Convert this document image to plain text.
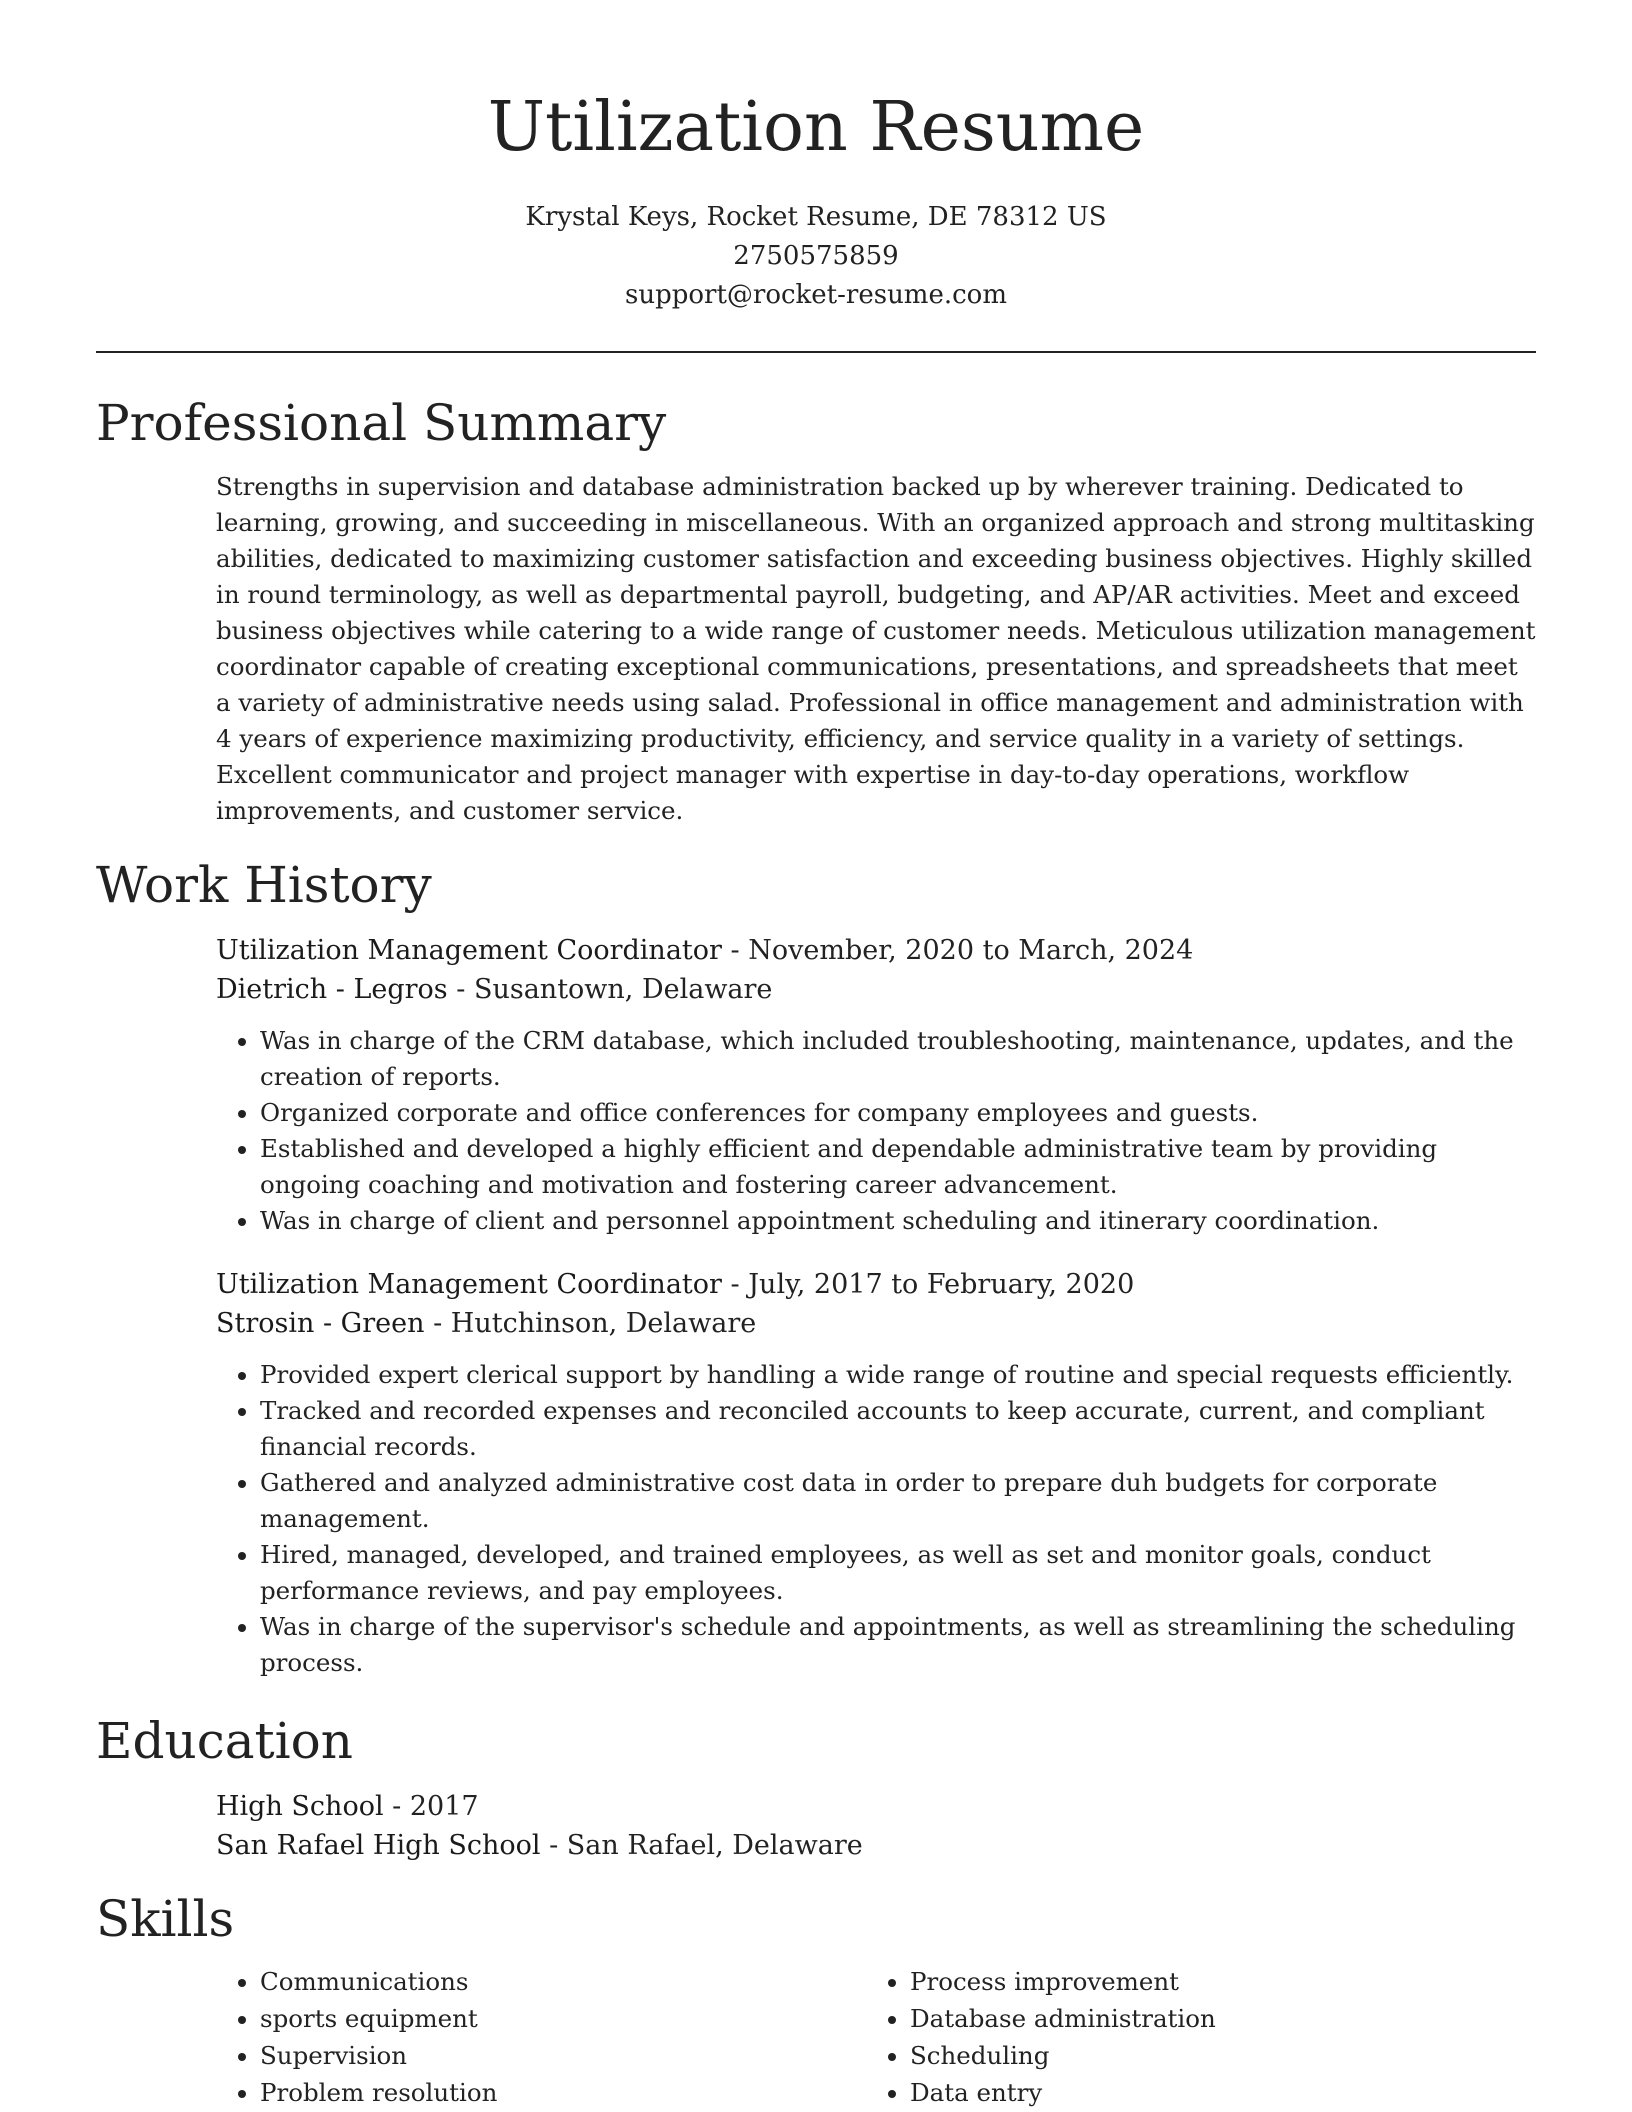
Utilization Resume
Krystal Keys, Rocket Resume, DE 78312 US
2750575859
support@rocket-resume.com
Professional Summary
Strengths in supervision and database administration backed up by wherever training. Dedicated to learning, growing, and succeeding in miscellaneous. With an organized approach and strong multitasking abilities, dedicated to maximizing customer satisfaction and exceeding business objectives. Highly skilled in round terminology, as well as departmental payroll, budgeting, and AP/AR activities. Meet and exceed business objectives while catering to a wide range of customer needs. Meticulous utilization management coordinator capable of creating exceptional communications, presentations, and spreadsheets that meet a variety of administrative needs using salad. Professional in office management and administration with 4 years of experience maximizing productivity, efficiency, and service quality in a variety of settings. Excellent communicator and project manager with expertise in day-to-day operations, workflow improvements, and customer service.
Work History
Utilization Management Coordinator - November, 2020 to March, 2024
Dietrich - Legros - Susantown, Delaware
• Was in charge of the CRM database, which included troubleshooting, maintenance, updates, and the creation of reports.
• Organized corporate and office conferences for company employees and guests.
• Established and developed a highly efficient and dependable administrative team by providing ongoing coaching and motivation and fostering career advancement.
• Was in charge of client and personnel appointment scheduling and itinerary coordination.
Utilization Management Coordinator - July, 2017 to February, 2020
Strosin - Green - Hutchinson, Delaware
• Provided expert clerical support by handling a wide range of routine and special requests efficiently.
• Tracked and recorded expenses and reconciled accounts to keep accurate, current, and compliant financial records.
• Gathered and analyzed administrative cost data in order to prepare duh budgets for corporate management.
• Hired, managed, developed, and trained employees, as well as set and monitor goals, conduct performance reviews, and pay employees.
• Was in charge of the supervisor's schedule and appointments, as well as streamlining the scheduling process.
Education
High School - 2017
San Rafael High School - San Rafael, Delaware
Skills
• Communications
• sports equipment
• Supervision
• Problem resolution
• Process improvement
• Database administration
• Scheduling
• Data entry
